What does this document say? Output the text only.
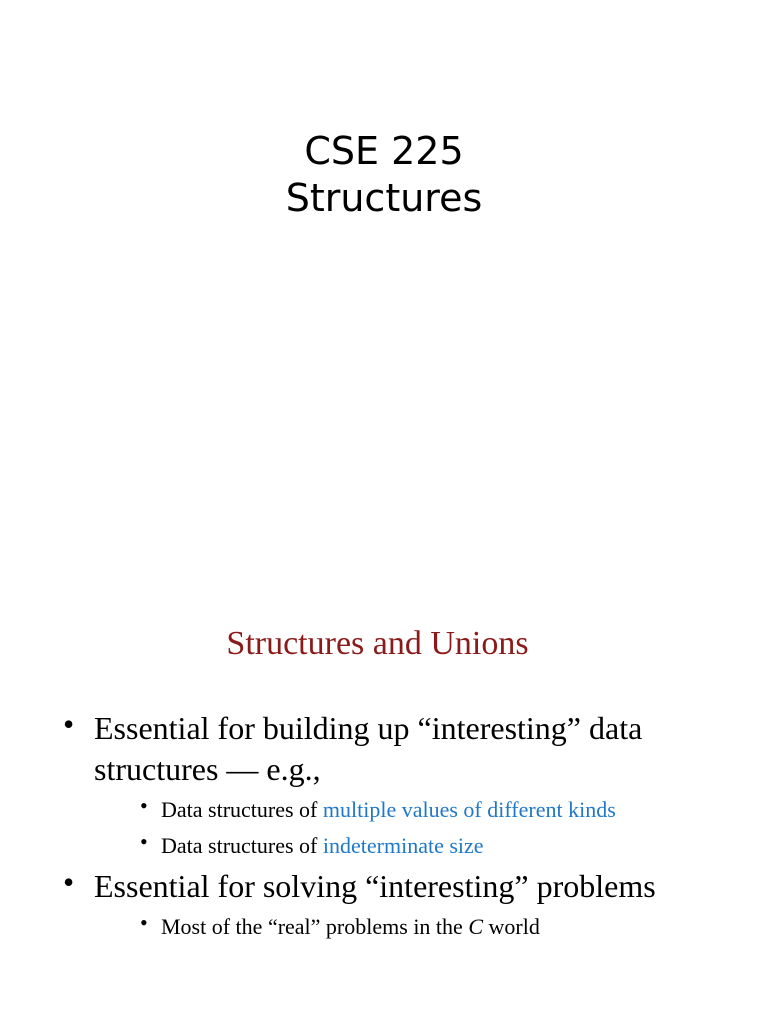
CSE 225
Structures
Structures and Unions
• Essential for building up “interesting” data
structures — e.g.,
• Data structures of multiple values of different kinds
• Data structures of indeterminate size
• Essential for solving “interesting” problems
• Most of the “real” problems in the C world
